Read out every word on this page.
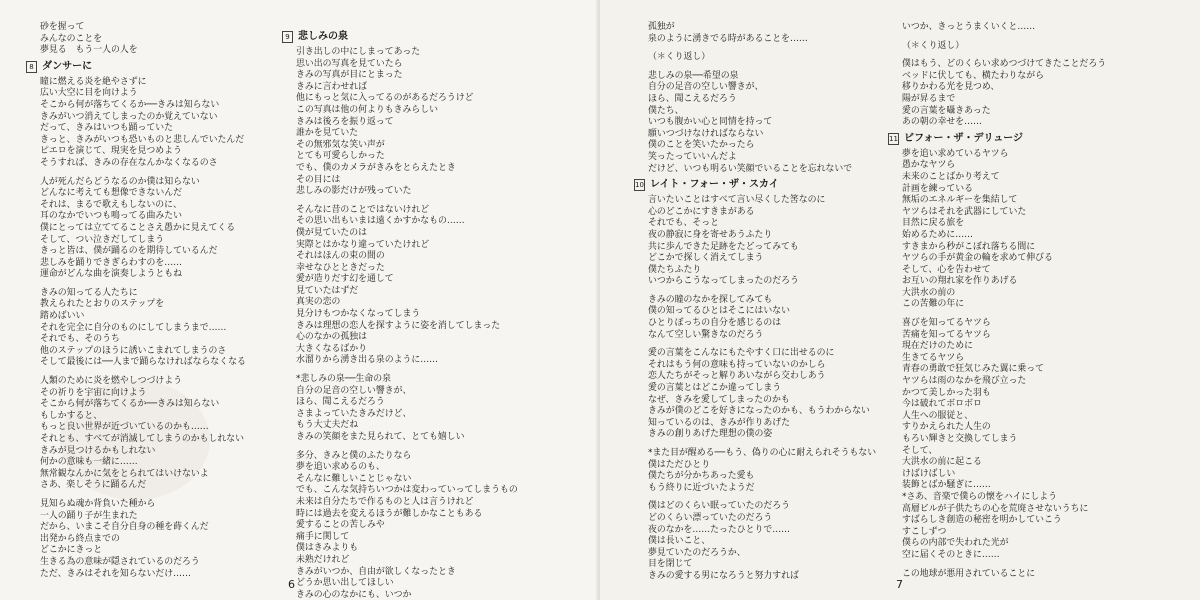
砂を握って
みんなのことを
夢見る　もう一人の人を
8 ダンサーに
瞳に燃える炎を絶やさずに
広い大空に目を向けよう
そこから何が落ちてくるか──きみは知らない
きみがいつ消えてしまったのか覚えていない
だって、きみはいつも踊っていた
きっと、きみがいつも恐いものと悲しんでいたんだ
ピエロを演じて、現実を見つめよう
そうすれば、きみの存在なんかなくなるのさ
人が死んだらどうなるのか僕は知らない
どんなに考えても想像できないんだ
それは、まるで歌えもしないのに、
耳のなかでいつも鳴ってる曲みたい
僕にとっては立ててることさえ愚かに見えてくる
そして、つい泣きだしてしまう
きっと皆は、僕が踊るのを期待しているんだ
悲しみを踊りできぎらわすのを……
運命がどんな曲を演奏しようともね
きみの知ってる人たちに
教えられたとおりのステップを
踏めばいい
それを完全に自分のものにしてしまうまで……
それでも、そのうち
他のステップのほうに誘いこまれてしまうのさ
そして最後には──人まで踊らなければならなくなる
人類のために炎を燃やしつづけよう
その祈りを宇宙に向けよう
そこから何が落ちてくるか──きみは知らない
もしかすると、
もっと良い世界が近づいているのかも……
それとも、すべてが消滅してしまうのかもしれない
きみが見つけるかもしれない
何かの意味も一緒に……
無常観なんかに気をとられてはいけないよ
さあ、楽しそうに踊るんだ
見知らぬ魂か背負いた種から
一人の踊り子が生まれた
だから、いまこそ自分自身の種を蒔くんだ
出発から終点までの
どこかにきっと
生きる為の意味が隠されているのだろう
ただ、きみはそれを知らないだけ……
9 悲しみの泉
引き出しの中にしまってあった
思い出の写真を見ていたら
きみの写真が目にとまった
きみに言わせれば
他にもっと気に入ってるのがあるだろうけど
この写真は他の何よりもきみらしい
きみは後ろを振り返って
誰かを見ていた
その無邪気な笑い声が
とても可愛らしかった
でも、僕のカメラがきみをとらえたとき
その目には
悲しみの影だけが残っていた
そんなに昔のことではないけれど
その思い出もいまは遠くかすかなもの……
僕が見ていたのは
実際とはかなり違っていたけれど
それはほんの束の間の
幸せなひとときだった
愛が造りだす幻を通して
見ていたはずだ
真実の恋の
見分けもつかなくなってしまう
きみは理想の恋人を探すように姿を消してしまった
心のなかの孤独は
大きくなるばかり
水溜りから湧き出る泉のように……
*悲しみの泉──生命の泉
自分の足音の空しい響きが、
ほら、聞こえるだろう
さまよっていたきみだけど、
もう大丈夫だね
きみの笑顔をまた見られて、とても嬉しい
多分、きみと僕のふたりなら
夢を追い求めるのも、
そんなに難しいことじゃない
でも、こんな気持ちいつかは変わっていってしまうもの
未来は自分たちで作るものと人は言うけれど
時には過去を変えるほうが難しかなこともある
愛することの苦しみや
痛手に関して
僕はきみよりも
未熟だけれど
きみがいつか、自由が欲しくなったとき
どうか思い出してほしい
きみの心のなかにも、いつか
6
孤独が
泉のように湧きでる時があることを……
（＊くり返し）
悲しみの泉──希望の泉
自分の足音の空しい響きが、
ほら、聞こえるだろう
僕たち、
いつも腹かい心と同情を持って
願いつづけなければならない
僕のことを笑いたかったら
笑ったっていいんだよ
だけど、いつも明るい笑顔でいることを忘れないで
10 レイト・フォー・ザ・スカイ
言いたいことはすべて言い尽くした筈なのに
心のどこかにすきまがある
それでも、そっと
夜の静寂に身を寄せあうふたり
共に歩んできた足跡をたどってみても
どこかで探しく消えてしまう
僕たちふたり
いつからこうなってしまったのだろう
きみの瞳のなかを探してみても
僕の知ってるひとはそこにはいない
ひとりぼっちの自分を感じるのは
なんて空しい驚きなのだろう
愛の言葉をこんなにもたやすく口に出せるのに
それはもう何の意味も持っていないのかしら
恋人たちがそっと解りあいながら交わしあう
愛の言葉とはどこか違ってしまう
なぜ、きみを愛してしまったのかも
きみが僕のどこを好きになったのかも、もうわからない
知っているのは、きみが作りあげた
きみの創りあげた理想の僕の姿
*また目が醒める──もう、偽りの心に耐えられそうもない
僕はただひとり
僕たちが分かちあった愛も
もう終りに近づいたようだ
僕はどのくらい眠っていたのだろう
どのくらい漂っていたのだろう
夜のなかを……たったひとりで……
僕は長いこと、
夢見ていたのだろうか、
目を閉じて
きみの愛する男になろうと努力すれば
いつか、きっとうまくいくと……
（＊くり返し）
僕はもう、どのくらい求めつづけてきたことだろう
ベッドに伏しても、横たわりながら
移りかわる光を見つめ、
陽が昇るまで
愛の言葉を囁きあった
あの朝の幸せを……
11 ビフォー・ザ・デリュージ
夢を追い求めているヤツら
愚かなヤツら
未来のことばかり考えて
計画を練っている
無垢のエネルギーを集結して
ヤツらはそれを武器にしていた
目然に戻る旅を
始めるために……
すきまから秒がこぼれ落ちる間に
ヤツらの手が黄金の輪を求めて伸びる
そして、心を告わせて
お互いの翔れ家を作りあげる
大洪水の前の
この苦難の年に
喜びを知ってるヤツら
苦痛を知ってるヤツら
現在だけのために
生きてるヤツら
青春の勇敢で狂気じみた翼に乗って
ヤツらは雨のなかを飛び立った
かつて美しかった羽も
今は破れてボロボロ
人生への服従と、
すりかえられた人生の
もろい輝きと交換してしまう
そして、
大洪水の前に起こる
けばけばしい
装飾とばか騒ぎに……
*さあ、音楽で僕らの懐をハイにしよう
高層ビルが子供たちの心を荒廃させないうちに
すばらしき創造の秘密を明かしていこう
すこしずつ
僕らの内部で失われた光が
空に届くそのときに……
この地球が悪用されていることに
7
